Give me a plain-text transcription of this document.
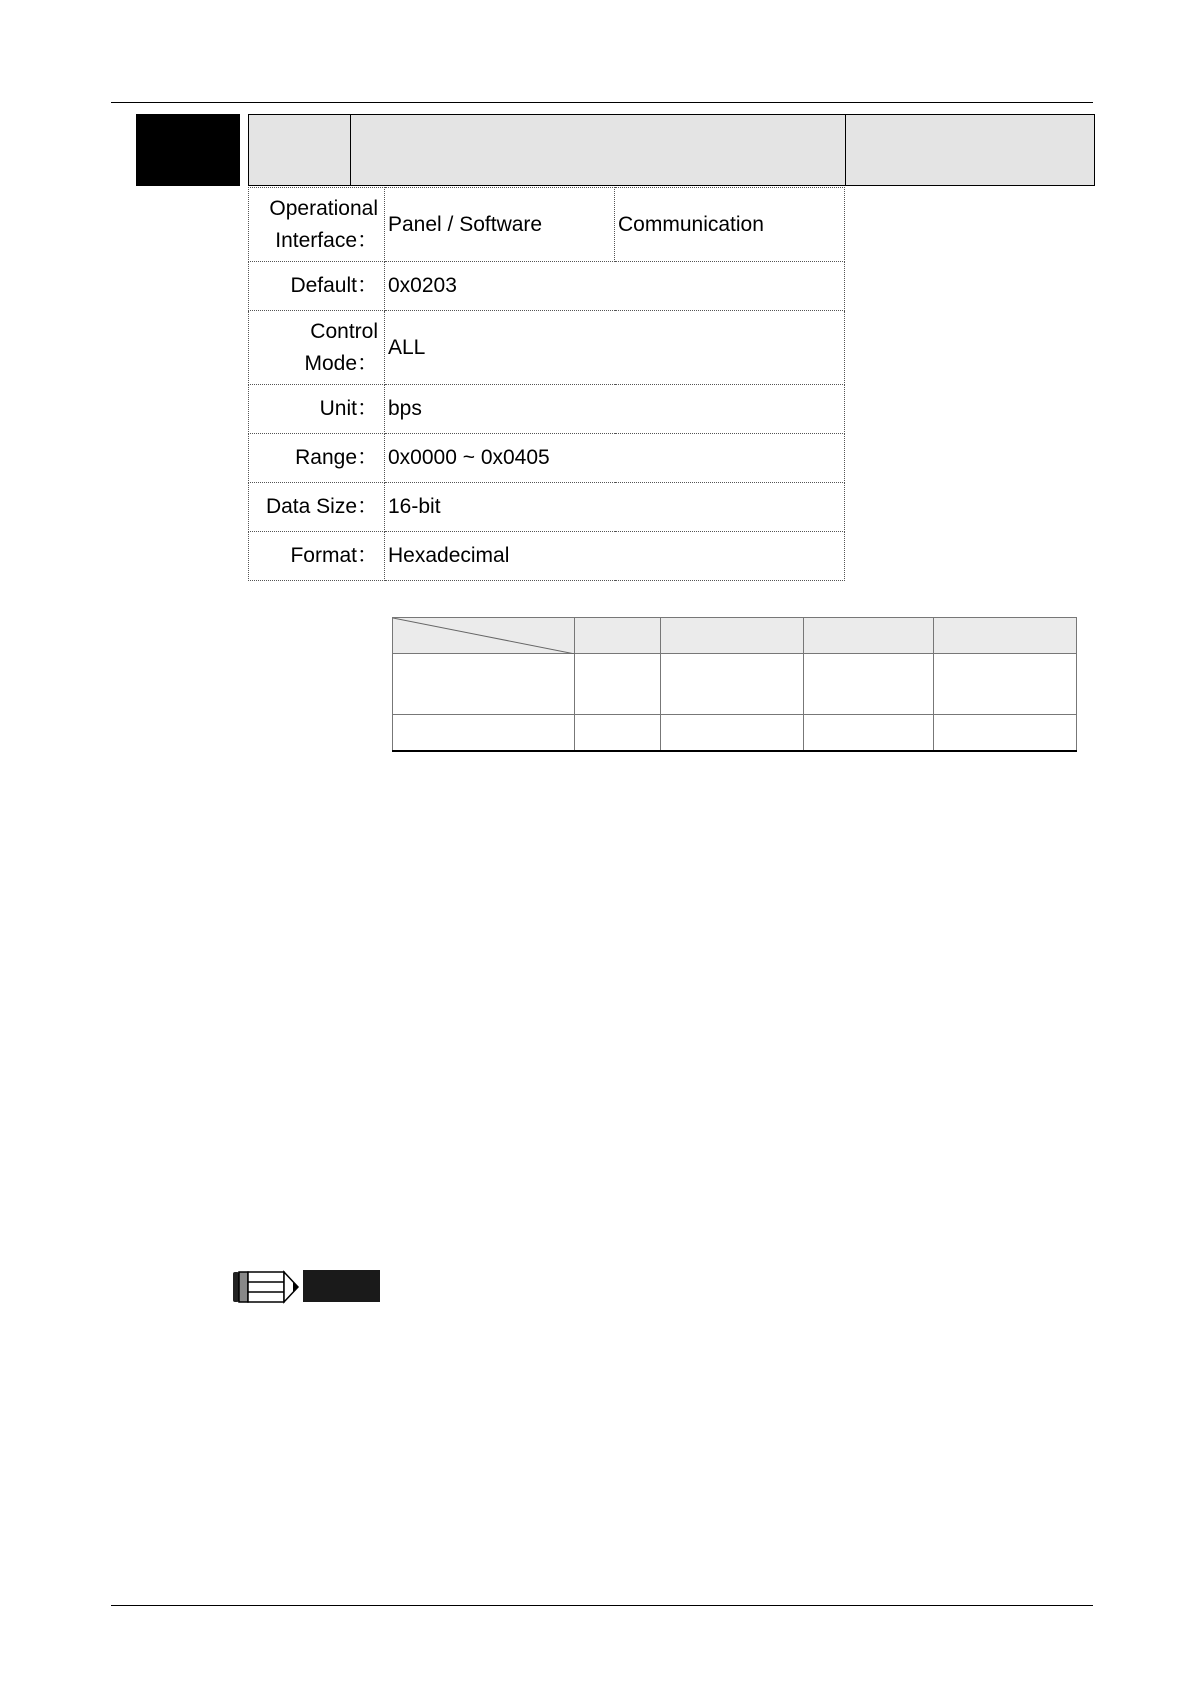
Operational Interface：	Panel / Software	Communication
Default：	0x0203	
Control Mode：	ALL	
Unit：	bps	
Range：	0x0000 ~ 0x0405	
Data Size：	16-bit	
Format：	Hexadecimal	
